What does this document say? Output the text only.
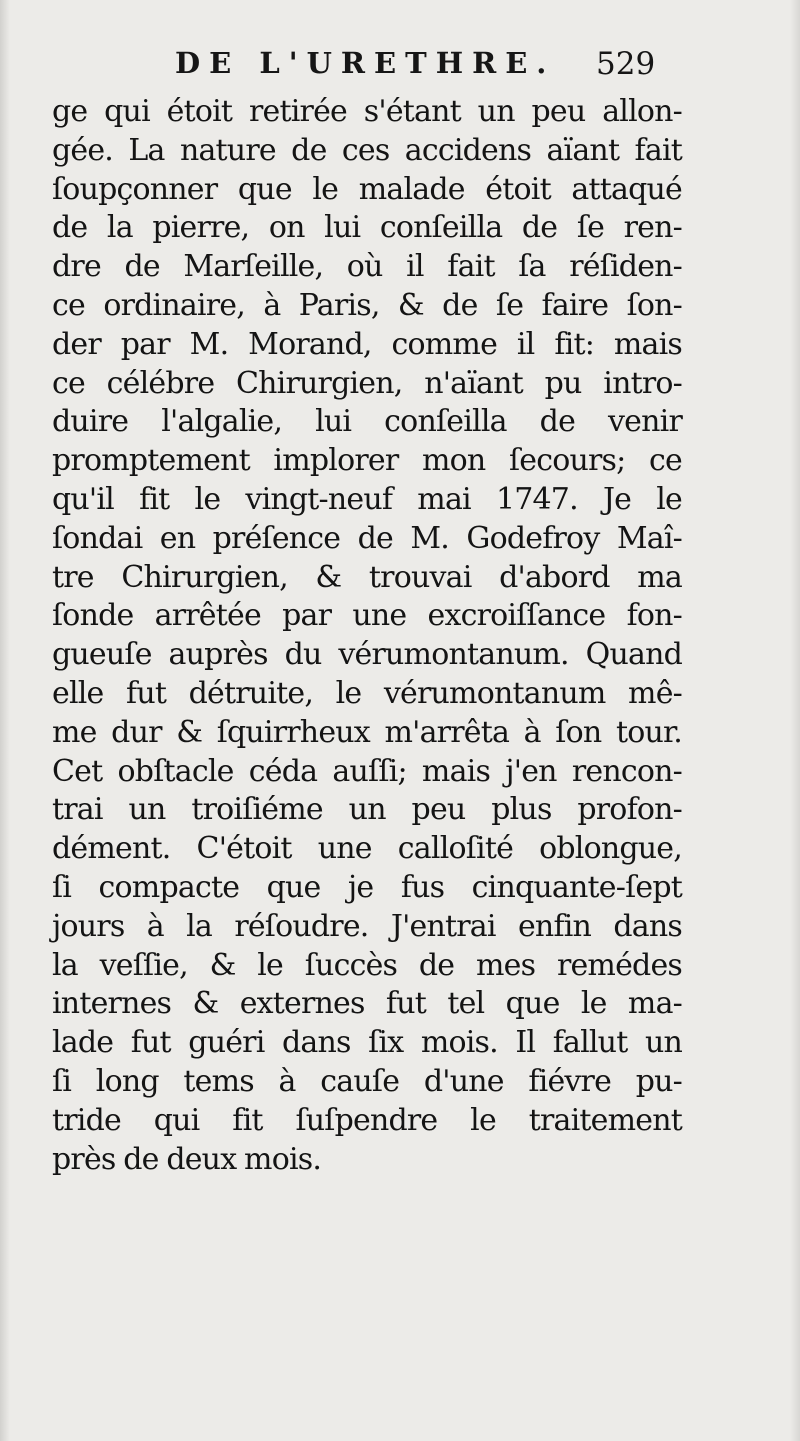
DE L'URETHRE. 529
ge qui étoit retirée s'étant un peu allon-
gée. La nature de ces accidens aïant fait
ſoupçonner que le malade étoit attaqué
de la pierre, on lui conſeilla de ſe ren-
dre de Marſeille, où il fait ſa réſiden-
ce ordinaire, à Paris, & de ſe faire ſon-
der par M. Morand, comme il fit: mais
ce célébre Chirurgien, n'aïant pu intro-
duire l'algalie, lui conſeilla de venir
promptement implorer mon ſecours; ce
qu'il fit le vingt-neuf mai 1747. Je le
ſondai en préſence de M. Godefroy Maî-
tre Chirurgien, & trouvai d'abord ma
ſonde arrêtée par une excroiſſance fon-
gueuſe auprès du vérumontanum. Quand
elle fut détruite, le vérumontanum mê-
me dur & ſquirrheux m'arrêta à ſon tour.
Cet obſtacle céda auſſi; mais j'en rencon-
trai un troiſiéme un peu plus profon-
dément. C'étoit une calloſité oblongue,
ſi compacte que je fus cinquante-ſept
jours à la réſoudre. J'entrai enfin dans
la veſſie, & le ſuccès de mes remédes
internes & externes fut tel que le ma-
lade fut guéri dans ſix mois. Il fallut un
ſi long tems à cauſe d'une fiévre pu-
tride qui fit ſuſpendre le traitement
près de deux mois.
